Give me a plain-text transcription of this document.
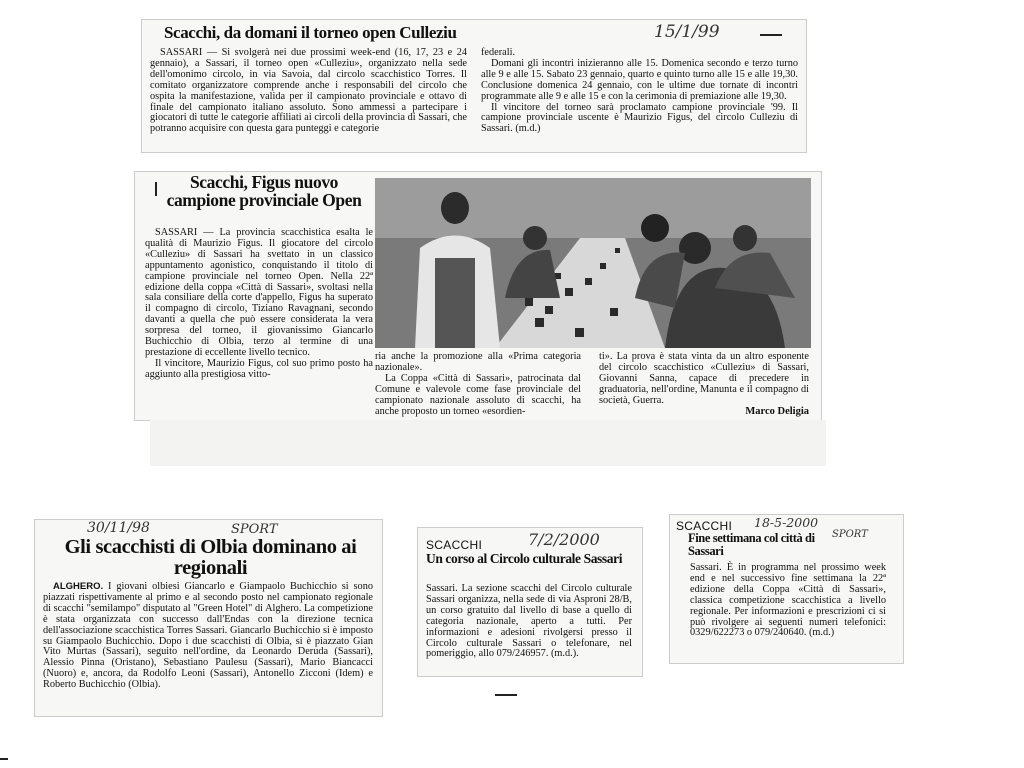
Scacchi, da domani il torneo open Culleziu	15/1/99

SASSARI — Si svolgerà nei due prossimi week-end (16, 17, 23 e 24 gennaio), a Sassari, il torneo open «Culleziu», organizzato nella sede dell'omonimo circolo, in via Savoia, dal circolo scacchistico Torres. Il comitato organizzatore comprende anche i responsabili del circolo che ospita la manifestazione, valida per il campionato provinciale e ottavo di finale del campionato italiano assoluto. Sono ammessi a partecipare i giocatori di tutte le categorie affiliati ai circoli della provincia di Sassari, che potranno acquisire con questa gara punteggi e categorie

federali.

Domani gli incontri inizieranno alle 15. Domenica secondo e terzo turno alle 9 e alle 15. Sabato 23 gennaio, quarto e quinto turno alle 15 e alle 19,30. Conclusione domenica 24 gennaio, con le ultime due tornate di incontri programmate alle 9 e alle 15 e con la cerimonia di premiazione alle 19,30.

Il vincitore del torneo sarà proclamato campione provinciale '99. Il campione provinciale uscente è Maurizio Figus, del circolo Culleziu di Sassari. (m.d.)

Scacchi, Figus nuovo campione provinciale Open

SASSARI — La provincia scacchistica esalta le qualità di Maurizio Figus. Il giocatore del circolo «Culleziu» di Sassari ha svettato in un classico appuntamento agonistico, conquistando il titolo di campione provinciale nel torneo Open. Nella 22ª edizione della coppa «Città di Sassari», svoltasi nella sala consiliare della corte d'appello, Figus ha superato il compagno di circolo, Tiziano Ravagnani, secondo davanti a quella che può essere considerata la vera sorpresa del torneo, il giovanissimo Giancarlo Buchicchio di Olbia, terzo al termine di una prestazione di eccellente livello tecnico.

Il vincitore, Maurizio Figus, col suo primo posto ha aggiunto alla prestigiosa vitto-

ria anche la promozione alla «Prima categoria nazionale».

La Coppa «Città di Sassari», patrocinata dal Comune e valevole come fase provinciale del campionato nazionale assoluto di scacchi, ha anche proposto un torneo «esordien-

ti». La prova è stata vinta da un altro esponente del circolo scacchistico «Culleziu» di Sassari, Giovanni Sanna, capace di precedere in graduatoria, nell'ordine, Manunta e il compagno di società, Guerra.

Marco Deligia
30/11/98	SPORT
Gli scacchisti di Olbia dominano ai regionali

ALGHERO. I giovani olbiesi Giancarlo e Giampaolo Buchicchio si sono piazzati rispettivamente al primo e al secondo posto nel campionato regionale di scacchi "semilampo" disputato al "Green Hotel" di Alghero. La competizione è stata organizzata con successo dall'Endas con la direzione tecnica dell'associazione scacchistica Torres Sassari. Giancarlo Buchicchio si è imposto su Giampaolo Buchicchio. Dopo i due scacchisti di Olbia, si è piazzato Gian Vito Murtas (Sassari), seguito nell'ordine, da Leonardo Deruda (Sassari), Alessio Pinna (Oristano), Sebastiano Paulesu (Sassari), Mario Biancacci (Nuoro) e, ancora, da Rodolfo Leoni (Sassari), Antonello Zicconi (Idem) e Roberto Buchicchio (Olbia).

SCACCHI	7/2/2000
Un corso al Circolo culturale Sassari

Sassari. La sezione scacchi del Circolo culturale Sassari organizza, nella sede di via Asproni 28/B, un corso gratuito dal livello di base a quello di categoria nazionale, aperto a tutti. Per informazioni e adesioni rivolgersi presso il Circolo culturale Sassari o telefonare, nel pomeriggio, allo 079/246957. (m.d.).

SCACCHI 18-5-2000
SPORT
Fine settimana col città di Sassari

Sassari. È in programma nel prossimo week end e nel successivo fine settimana la 22ª edizione della Coppa «Città di Sassari», classica competizione scacchistica a livello regionale. Per informazioni e prescrizioni ci si può rivolgere ai seguenti numeri telefonici: 0329/622273 o 079/240640. (m.d.)
